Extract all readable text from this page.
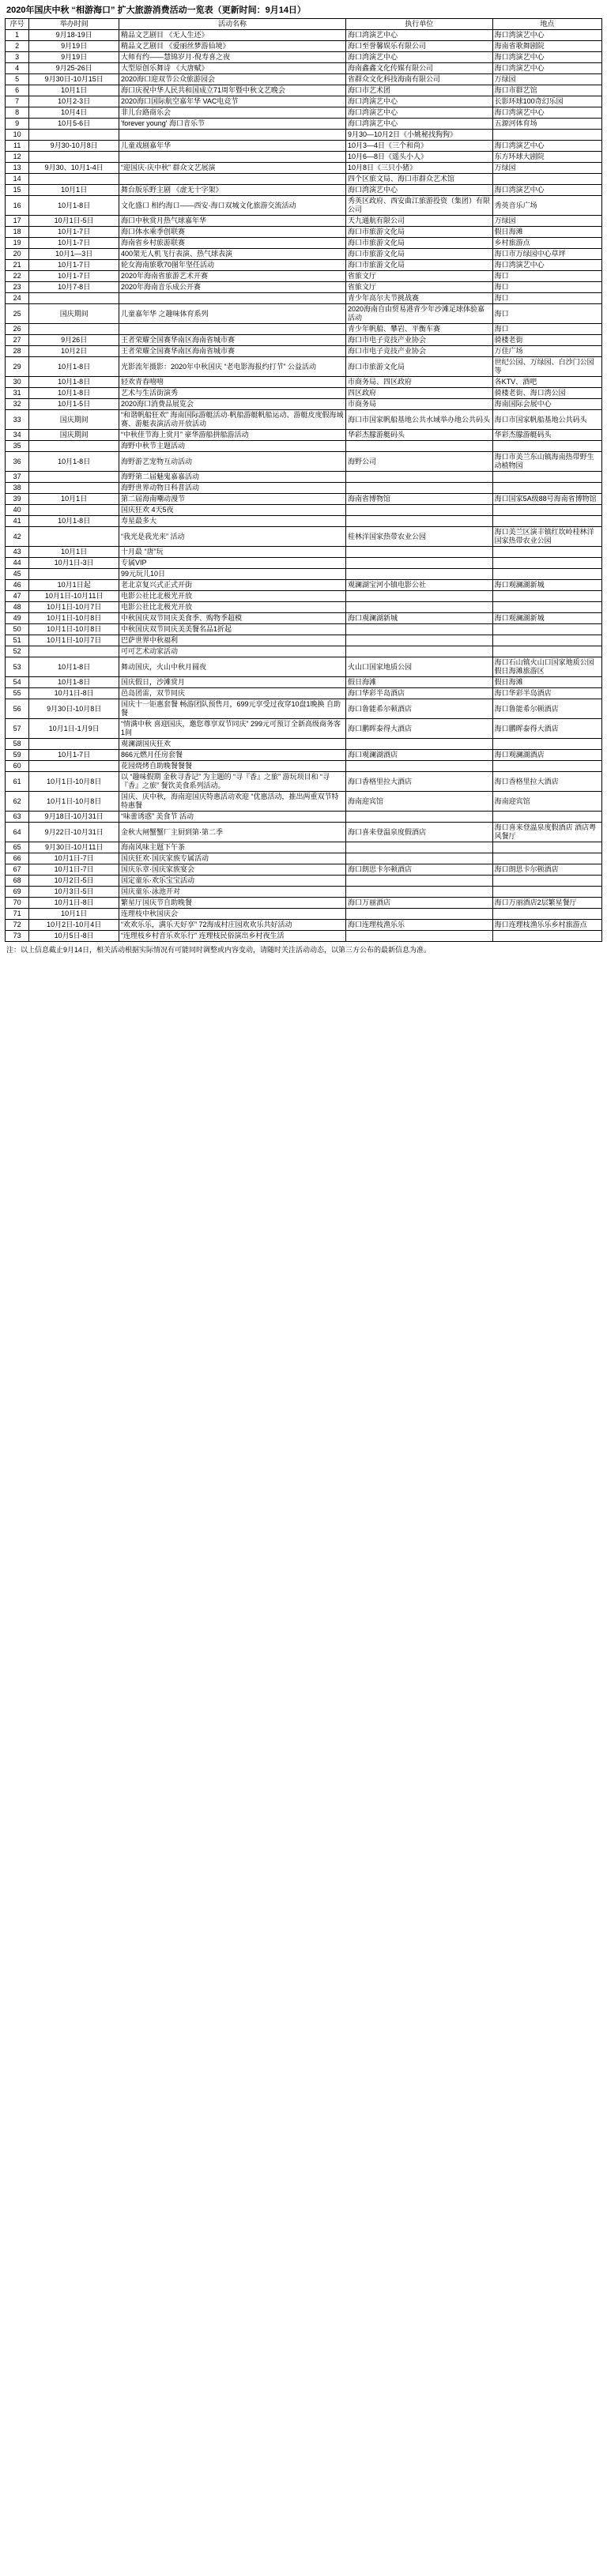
2020年国庆中秋 “相游海口” 扩大旅游消费活动一览表（更新时间：9月14日）
序号	举办时间	活动名称	执行单位	地点
1	9月18-19日	精品文艺剧目 《无人生还》	海口湾演艺中心	海口湾演艺中心
2	9月19日	精品文艺剧目 《爱丽丝梦游仙境》	海口至誉馨娱乐有限公司	海南省歌舞剧院
3	9月19日	大师有约——慧锦岁月·倪寿喜之夜	海口湾演艺中心	海口湾演艺中心
4	9月25-26日	大型原创乐舞诗 《大唐赋》	海南鑫鑫文化传媒有限公司	海口湾演艺中心
5	9月30日-10月15日	2020海口迎双节公众旅游园会	省群众文化科技海南有限公司	万绿园
6	10月1日	海口庆祝中华人民共和国成立71周年暨中秋文艺晚会	海口市艺术团	海口市群艺馆
7	10月2-3日	2020海口国际航空嘉年华 VAC电竞节	海口湾演艺中心	长影环球100奇幻乐园
8	10月4日	非儿台路商乐会	海口湾演艺中心	海口湾演艺中心
9	10月5-6日	'forever young' 海口音乐节	海口湾演艺中心	五源河体育场
10			9月30—10月2日《小姚秘找狗狗》	
11	9月30-10月8日	儿童戏剧嘉年华	10月3—4日《三个和尚》	海口湾演艺中心
12			10月6—8日《遥头小人》	东方环球大剧院
13	9月30、10月1-4日	“迎国庆·庆中秋” 群众文艺展演	10月8日《三只小猪》	万绿园
14			四个区旅文局、海口市群众艺术馆	
15	10月1日	舞台版乐野主剧 《虚无十字架》	海口湾演艺中心	海口湾演艺中心
16	10月1-8日	文化盛口 相约海口——西安·海口双城文化旅游交流活动	秀英区政府、西安曲江旅游投资（集团）有限公司	秀英音乐广场
17	10月1日-5日	海口中秋赏月热气球嘉年华	天九通航有限公司	万绿园
18	10月1-7日	海口体水乘季创联赛	海口市旅游文化局	假日海滩
19	10月1-7日	海南省乡村旅游联赛	海口市旅游文化局	乡村旅游点
20	10月1—3日	400架无人机飞行表演、热气球表演	海口市旅游文化局	海口市万绿园中心草坪
21	10月1-7日	轮女海南旅歌70图年坚任活动	海口市旅游文化局	海口湾演艺中心
22	10月1-7日	2020年海南省旅游艺术开赛	省旅文厅	海口
23	10月7-8日	2020年海南音乐成公开赛	省旅文厅	海口
24			青少年高尔夫节挑战赛	海口
25	国庆期间	儿童嘉年华 之趣味体育系列	2020海南自由贸易港青少年沙滩足球体验嘉活动	海口
26			青少年帆船、攀岩、平衡车赛	海口
27	9月26日	王者荣耀全国赛华南区海南省城市赛	海口市电子竞技产业协会	骑楼老街
28	10月2日	王者荣耀全国赛华南区海南省城市赛	海口市电子竞技产业协会	万佳广场
29	10月1-8日	光影流年摄影：2020年中秋国庆 “老电影海报约打节” 公益活动	海口市旅游文化局	世纪公园、万绿园、白沙门公园等
30	10月1-8日	轻欢青春嘻嘻	市商务局、四区政府	各KTV、酒吧
31	10月1-8日	艺术与生活街演秀	四区政府	骑楼老街、海口湾公园
32	10月1-5日	2020海口消费品展览会	市商务局	海南国际会展中心
33	国庆期间	“和谐帆船狂欢” 海南国际游艇活动·帆船游艇帆船运动、游艇皮度假海域赛、游艇表演活动开放活动	海口市国家帆船基地公共水域举办地公共码头	海口市国家帆船基地公共码头
34	国庆期间	“中秋佳节海上赏月” 豪华游船拼船游活动	华彩杰朦游艇码头	华彩杰朦游艇码头
35		海野中秋节主题活动		
36	10月1-8日	海野游艺宠物互动活动	海野公司	海口市美兰东山镇海南热带野生动植物园
37		海野第二届魅鬼嘉嘉活动		
38		海野世界动物日科普活动		
39	10月1日	第二届海南嘲动漫节	海南省博物馆	海口国家5A级88号海南省博物馆
40		国庆狂欢 4天5夜		
41	10月1-8日	寿星最多大		
42		“我光是我光来” 活动	桂林洋国家热带农业公园	海口美兰区演丰镇红坎岭桂林洋国家热带农业公园
43	10月1日	十月最 “唐”玩		
44	10月1日-3日	专属VIP		
45		99元玩儿10日		
46	10月1日起	老北京复兴式正式开街	观澜湖宝河小镇电影公社	海口观澜湖新城
47	10月1日-10月11日	电影公社比北极光开放		
48	10月1日-10月7日	电影公社比北极光开放		
49	10月1日-10月8日	中秋国庆双节同庆美食季、购物季超模	海口观澜湖新城	海口观澜湖新城
50	10月1日-10月8日	中秋国庆双节同庆美美餐名品1折起		
51	10月1日-10月7日	巴萨世界中秋福利		
52		可可艺术动家活动		
53	10月1-8日	舞动国庆，火山中秋月圆夜	火山口国家地质公园	海口石山镇火山口国家地质公园 假日海滩旅游区
54	10月1-8日	国庆假日，沙滩赏月	假日海滩	假日海滩
55	10月1日-8日	邑岛团雷，双节同庆	海口华彩半岛酒店	海口华彩半岛酒店
56	9月30日-10月8日	国庆十一钜惠套餐 畅游团队预售月，699元享受过夜穿10盘1晚换 自助餐	海口鲁能希尔顿酒店	海口鲁能希尔顿酒店
57	10月1日-1月9日	“情满中秋 喜迎国庆，邀您尊享双节同庆” 299元可预订全新高级商务客1间	海口鹏晖泰得大酒店	海口鹏晖泰得大酒店
58		观澜湖国庆狂欢		
59	10月1-7日	866元燃月任房套餐	海口观澜湖酒店	海口观澜湖酒店
60		花园烧烤自助晚餐餐餐		
61	10月1日-10月8日	以 “趣味假期 金秋寻香记” 为主题的 “寻『香』之旅” 游玩项目和 “寻『香』之旅” 餐饮美食系列活动。	海口香格里拉大酒店	海口香格里拉大酒店
62	10月1日-10月8日	国庆、庆中秋，海南迎国庆特惠活动欢迎 “优惠活动，推出两重双节特特惠餐	海南迎宾馆	海南迎宾馆
63	9月18日-10月31日	“味蕾诱惑” 美食节 活动		
64	9月22日-10月31日	金秋大闸蟹蟹厂主厨到第·第二季	海口喜来登温泉度假酒店	海口喜来登温泉度假酒店 酒店粤风餐厅
65	9月30日-10月11日	海南风味主题下午茶		
66	10月1日-7日	国庆狂欢·国庆家族专属活动		
67	10月1日-7日	国庆乐章·国庆家族宴会	海口朗思卡尔顿酒店	海口朗思卡尔顿酒店
68	10月2日-5日	国定童乐·欢乐宝宝活动		
69	10月3日-5日	国庆童乐·泳池开对		
70	10月1日-8日	繁星厅国庆节自助晚餐	海口万丽酒店	海口万丽酒店2层繁星餐厅
71	10月1日	连理枝中秋国庆会		
72	10月2日-10月4日	“欢欢乐乐，满乐天好享” 72海成村庄园欢欢乐共好活动	海口连理枝渔乐乐	海口连理枝渔乐乐乡村旅游点
73	10月5日-8日	“连理枝乡村音乐欢乐行” 连理枝民俗演出乡村夜生活		
注：以上信息截止9月14日，相关活动根据实际情况有可能同时调整或内容变动，请随时关注活动动态，以第三方公布的最新信息为准。
